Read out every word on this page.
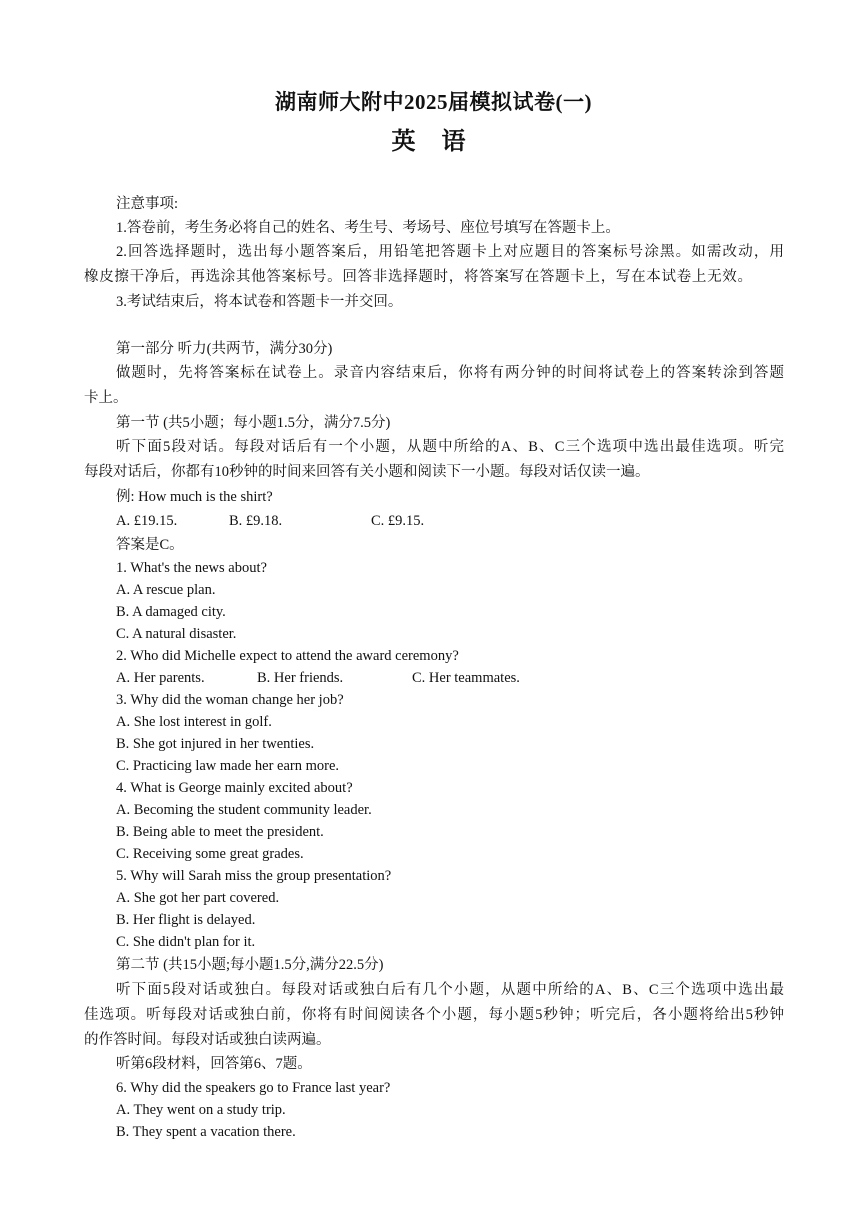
湖南师大附中2025届模拟试卷(一)
英 语
注意事项:
1.答卷前，考生务必将自己的姓名、考生号、考场号、座位号填写在答题卡上。
2.回答选择题时，选出每小题答案后，用铅笔把答题卡上对应题目的答案标号涂黑。如需改动，用
橡皮擦干净后，再选涂其他答案标号。回答非选择题时，将答案写在答题卡上，写在本试卷上无效。
3.考试结束后，将本试卷和答题卡一并交回。
第一部分 听力(共两节，满分30分)
做题时，先将答案标在试卷上。录音内容结束后，你将有两分钟的时间将试卷上的答案转涂到答题
卡上。
第一节 (共5小题；每小题1.5分，满分7.5分)
听下面5段对话。每段对话后有一个小题，从题中所给的A、B、C三个选项中选出最佳选项。听完
每段对话后，你都有10秒钟的时间来回答有关小题和阅读下一小题。每段对话仅读一遍。
例: How much is the shirt?
A. £19.15.	B. £9.18.	C. £9.15.
答案是C。
1. What's the news about?
A. A rescue plan.
B. A damaged city.
C. A natural disaster.
2. Who did Michelle expect to attend the award ceremony?
A. Her parents.	B. Her friends.	C. Her teammates.
3. Why did the woman change her job?
A. She lost interest in golf.
B. She got injured in her twenties.
C. Practicing law made her earn more.
4. What is George mainly excited about?
A. Becoming the student community leader.
B. Being able to meet the president.
C. Receiving some great grades.
5. Why will Sarah miss the group presentation?
A. She got her part covered.
B. Her flight is delayed.
C. She didn't plan for it.
第二节 (共15小题;每小题1.5分,满分22.5分)
听下面5段对话或独白。每段对话或独白后有几个小题，从题中所给的A、B、C三个选项中选出最
佳选项。听每段对话或独白前，你将有时间阅读各个小题，每小题5秒钟；听完后，各小题将给出5秒钟
的作答时间。每段对话或独白读两遍。
听第6段材料，回答第6、7题。
6. Why did the speakers go to France last year?
A. They went on a study trip.
B. They spent a vacation there.
